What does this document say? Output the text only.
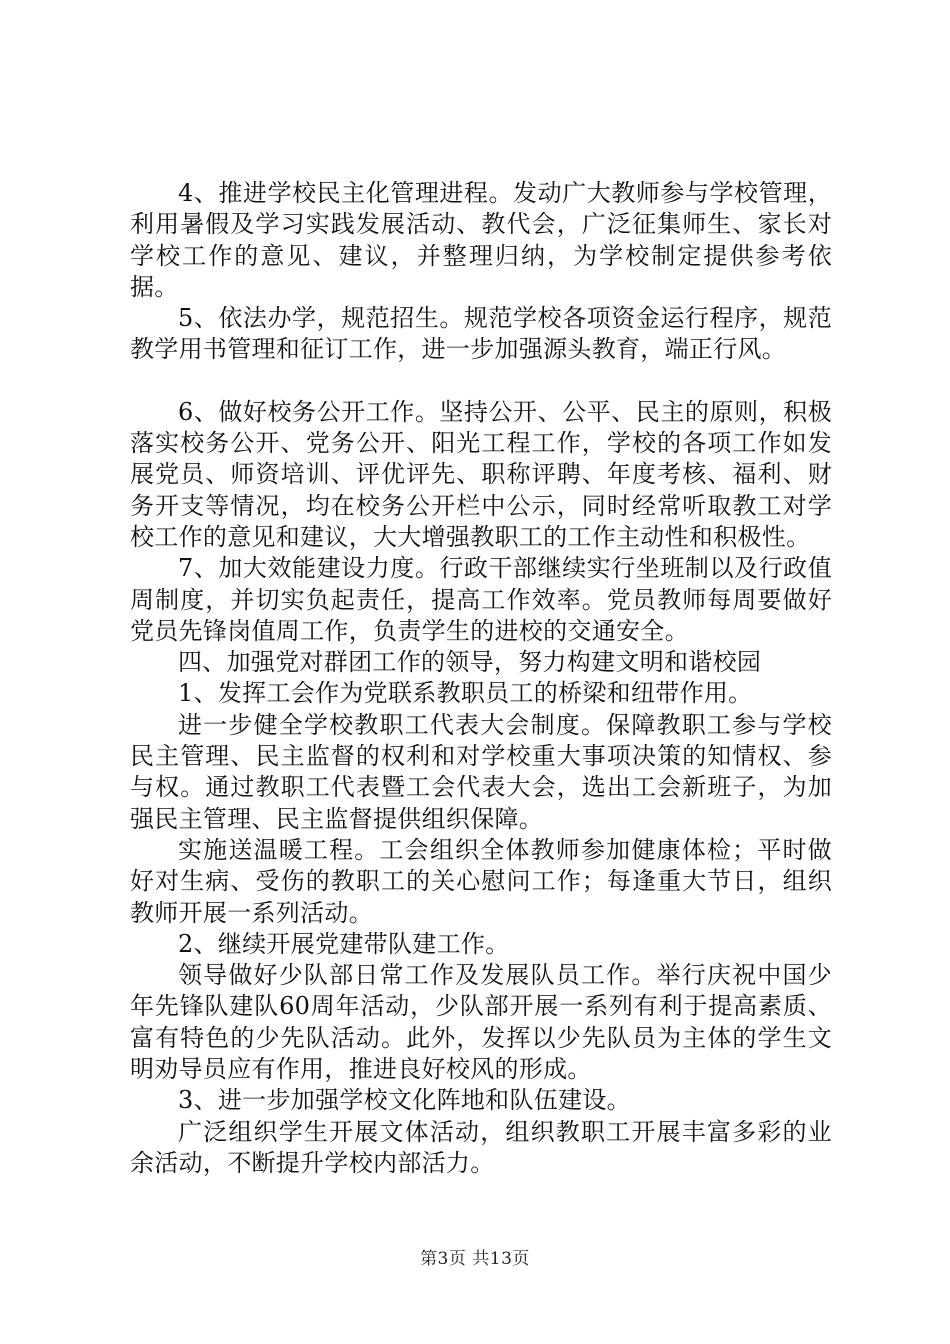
4、推进学校民主化管理进程。发动广大教师参与学校管理，利用暑假及学习实践发展活动、教代会，广泛征集师生、家长对学校工作的意见、建议，并整理归纳，为学校制定提供参考依据。

5、依法办学，规范招生。规范学校各项资金运行程序，规范教学用书管理和征订工作，进一步加强源头教育，端正行风。

6、做好校务公开工作。坚持公开、公平、民主的原则，积极落实校务公开、党务公开、阳光工程工作，学校的各项工作如发展党员、师资培训、评优评先、职称评聘、年度考核、福利、财务开支等情况，均在校务公开栏中公示，同时经常听取教工对学校工作的意见和建议，大大增强教职工的工作主动性和积极性。

7、加大效能建设力度。行政干部继续实行坐班制以及行政值周制度，并切实负起责任，提高工作效率。党员教师每周要做好党员先锋岗值周工作，负责学生的进校的交通安全。

四、加强党对群团工作的领导，努力构建文明和谐校园

1、发挥工会作为党联系教职员工的桥梁和纽带作用。

进一步健全学校教职工代表大会制度。保障教职工参与学校民主管理、民主监督的权利和对学校重大事项决策的知情权、参与权。通过教职工代表暨工会代表大会，选出工会新班子，为加强民主管理、民主监督提供组织保障。

实施送温暖工程。工会组织全体教师参加健康体检；平时做好对生病、受伤的教职工的关心慰问工作；每逢重大节日，组织教师开展一系列活动。

2、继续开展党建带队建工作。

领导做好少队部日常工作及发展队员工作。举行庆祝中国少年先锋队建队60周年活动，少队部开展一系列有利于提高素质、富有特色的少先队活动。此外，发挥以少先队员为主体的学生文明劝导员应有作用，推进良好校风的形成。

3、进一步加强学校文化阵地和队伍建设。

广泛组织学生开展文体活动，组织教职工开展丰富多彩的业余活动，不断提升学校内部活力。

第3页 共13页
